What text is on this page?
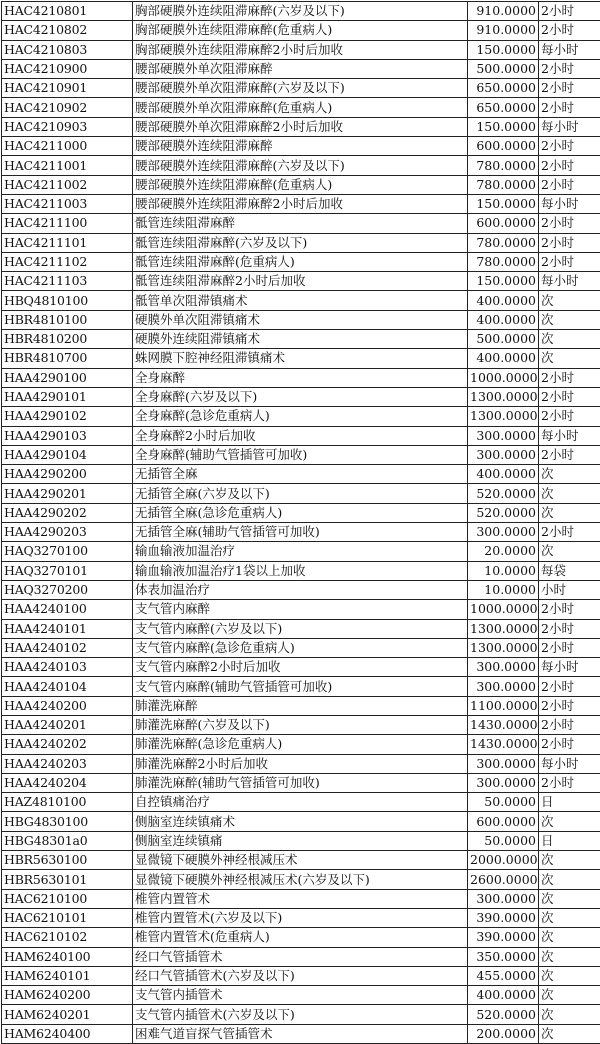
HAC4210801	胸部硬膜外连续阻滞麻醉(六岁及以下)	910.0000	2小时
HAC4210802	胸部硬膜外连续阻滞麻醉(危重病人)	910.0000	2小时
HAC4210803	胸部硬膜外连续阻滞麻醉2小时后加收	150.0000	每小时
HAC4210900	腰部硬膜外单次阻滞麻醉	500.0000	2小时
HAC4210901	腰部硬膜外单次阻滞麻醉(六岁及以下)	650.0000	2小时
HAC4210902	腰部硬膜外单次阻滞麻醉(危重病人)	650.0000	2小时
HAC4210903	腰部硬膜外单次阻滞麻醉2小时后加收	150.0000	每小时
HAC4211000	腰部硬膜外连续阻滞麻醉	600.0000	2小时
HAC4211001	腰部硬膜外连续阻滞麻醉(六岁及以下)	780.0000	2小时
HAC4211002	腰部硬膜外连续阻滞麻醉(危重病人)	780.0000	2小时
HAC4211003	腰部硬膜外连续阻滞麻醉2小时后加收	150.0000	每小时
HAC4211100	骶管连续阻滞麻醉	600.0000	2小时
HAC4211101	骶管连续阻滞麻醉(六岁及以下)	780.0000	2小时
HAC4211102	骶管连续阻滞麻醉(危重病人)	780.0000	2小时
HAC4211103	骶管连续阻滞麻醉2小时后加收	150.0000	每小时
HBQ4810100	骶管单次阻滞镇痛术	400.0000	次
HBR4810100	硬膜外单次阻滞镇痛术	400.0000	次
HBR4810200	硬膜外连续阻滞镇痛术	500.0000	次
HBR4810700	蛛网膜下腔神经阻滞镇痛术	400.0000	次
HAA4290100	全身麻醉	1000.0000	2小时
HAA4290101	全身麻醉(六岁及以下)	1300.0000	2小时
HAA4290102	全身麻醉(急诊危重病人)	1300.0000	2小时
HAA4290103	全身麻醉2小时后加收	300.0000	每小时
HAA4290104	全身麻醉(辅助气管插管可加收)	300.0000	2小时
HAA4290200	无插管全麻	400.0000	次
HAA4290201	无插管全麻(六岁及以下)	520.0000	次
HAA4290202	无插管全麻(急诊危重病人)	520.0000	次
HAA4290203	无插管全麻(辅助气管插管可加收)	300.0000	2小时
HAQ3270100	输血输液加温治疗	20.0000	次
HAQ3270101	输血输液加温治疗1袋以上加收	10.0000	每袋
HAQ3270200	体表加温治疗	10.0000	小时
HAA4240100	支气管内麻醉	1000.0000	2小时
HAA4240101	支气管内麻醉(六岁及以下)	1300.0000	2小时
HAA4240102	支气管内麻醉(急诊危重病人)	1300.0000	2小时
HAA4240103	支气管内麻醉2小时后加收	300.0000	每小时
HAA4240104	支气管内麻醉(辅助气管插管可加收)	300.0000	2小时
HAA4240200	肺灌洗麻醉	1100.0000	2小时
HAA4240201	肺灌洗麻醉(六岁及以下)	1430.0000	2小时
HAA4240202	肺灌洗麻醉(急诊危重病人)	1430.0000	2小时
HAA4240203	肺灌洗麻醉2小时后加收	300.0000	每小时
HAA4240204	肺灌洗麻醉(辅助气管插管可加收)	300.0000	2小时
HAZ4810100	自控镇痛治疗	50.0000	日
HBG4830100	侧脑室连续镇痛术	600.0000	次
HBG48301a0	侧脑室连续镇痛	50.0000	日
HBR5630100	显微镜下硬膜外神经根减压术	2000.0000	次
HBR5630101	显微镜下硬膜外神经根减压术(六岁及以下)	2600.0000	次
HAC6210100	椎管内置管术	300.0000	次
HAC6210101	椎管内置管术(六岁及以下)	390.0000	次
HAC6210102	椎管内置管术(危重病人)	390.0000	次
HAM6240100	经口气管插管术	350.0000	次
HAM6240101	经口气管插管术(六岁及以下)	455.0000	次
HAM6240200	支气管内插管术	400.0000	次
HAM6240201	支气管内插管术(六岁及以下)	520.0000	次
HAM6240400	困难气道盲探气管插管术	200.0000	次
